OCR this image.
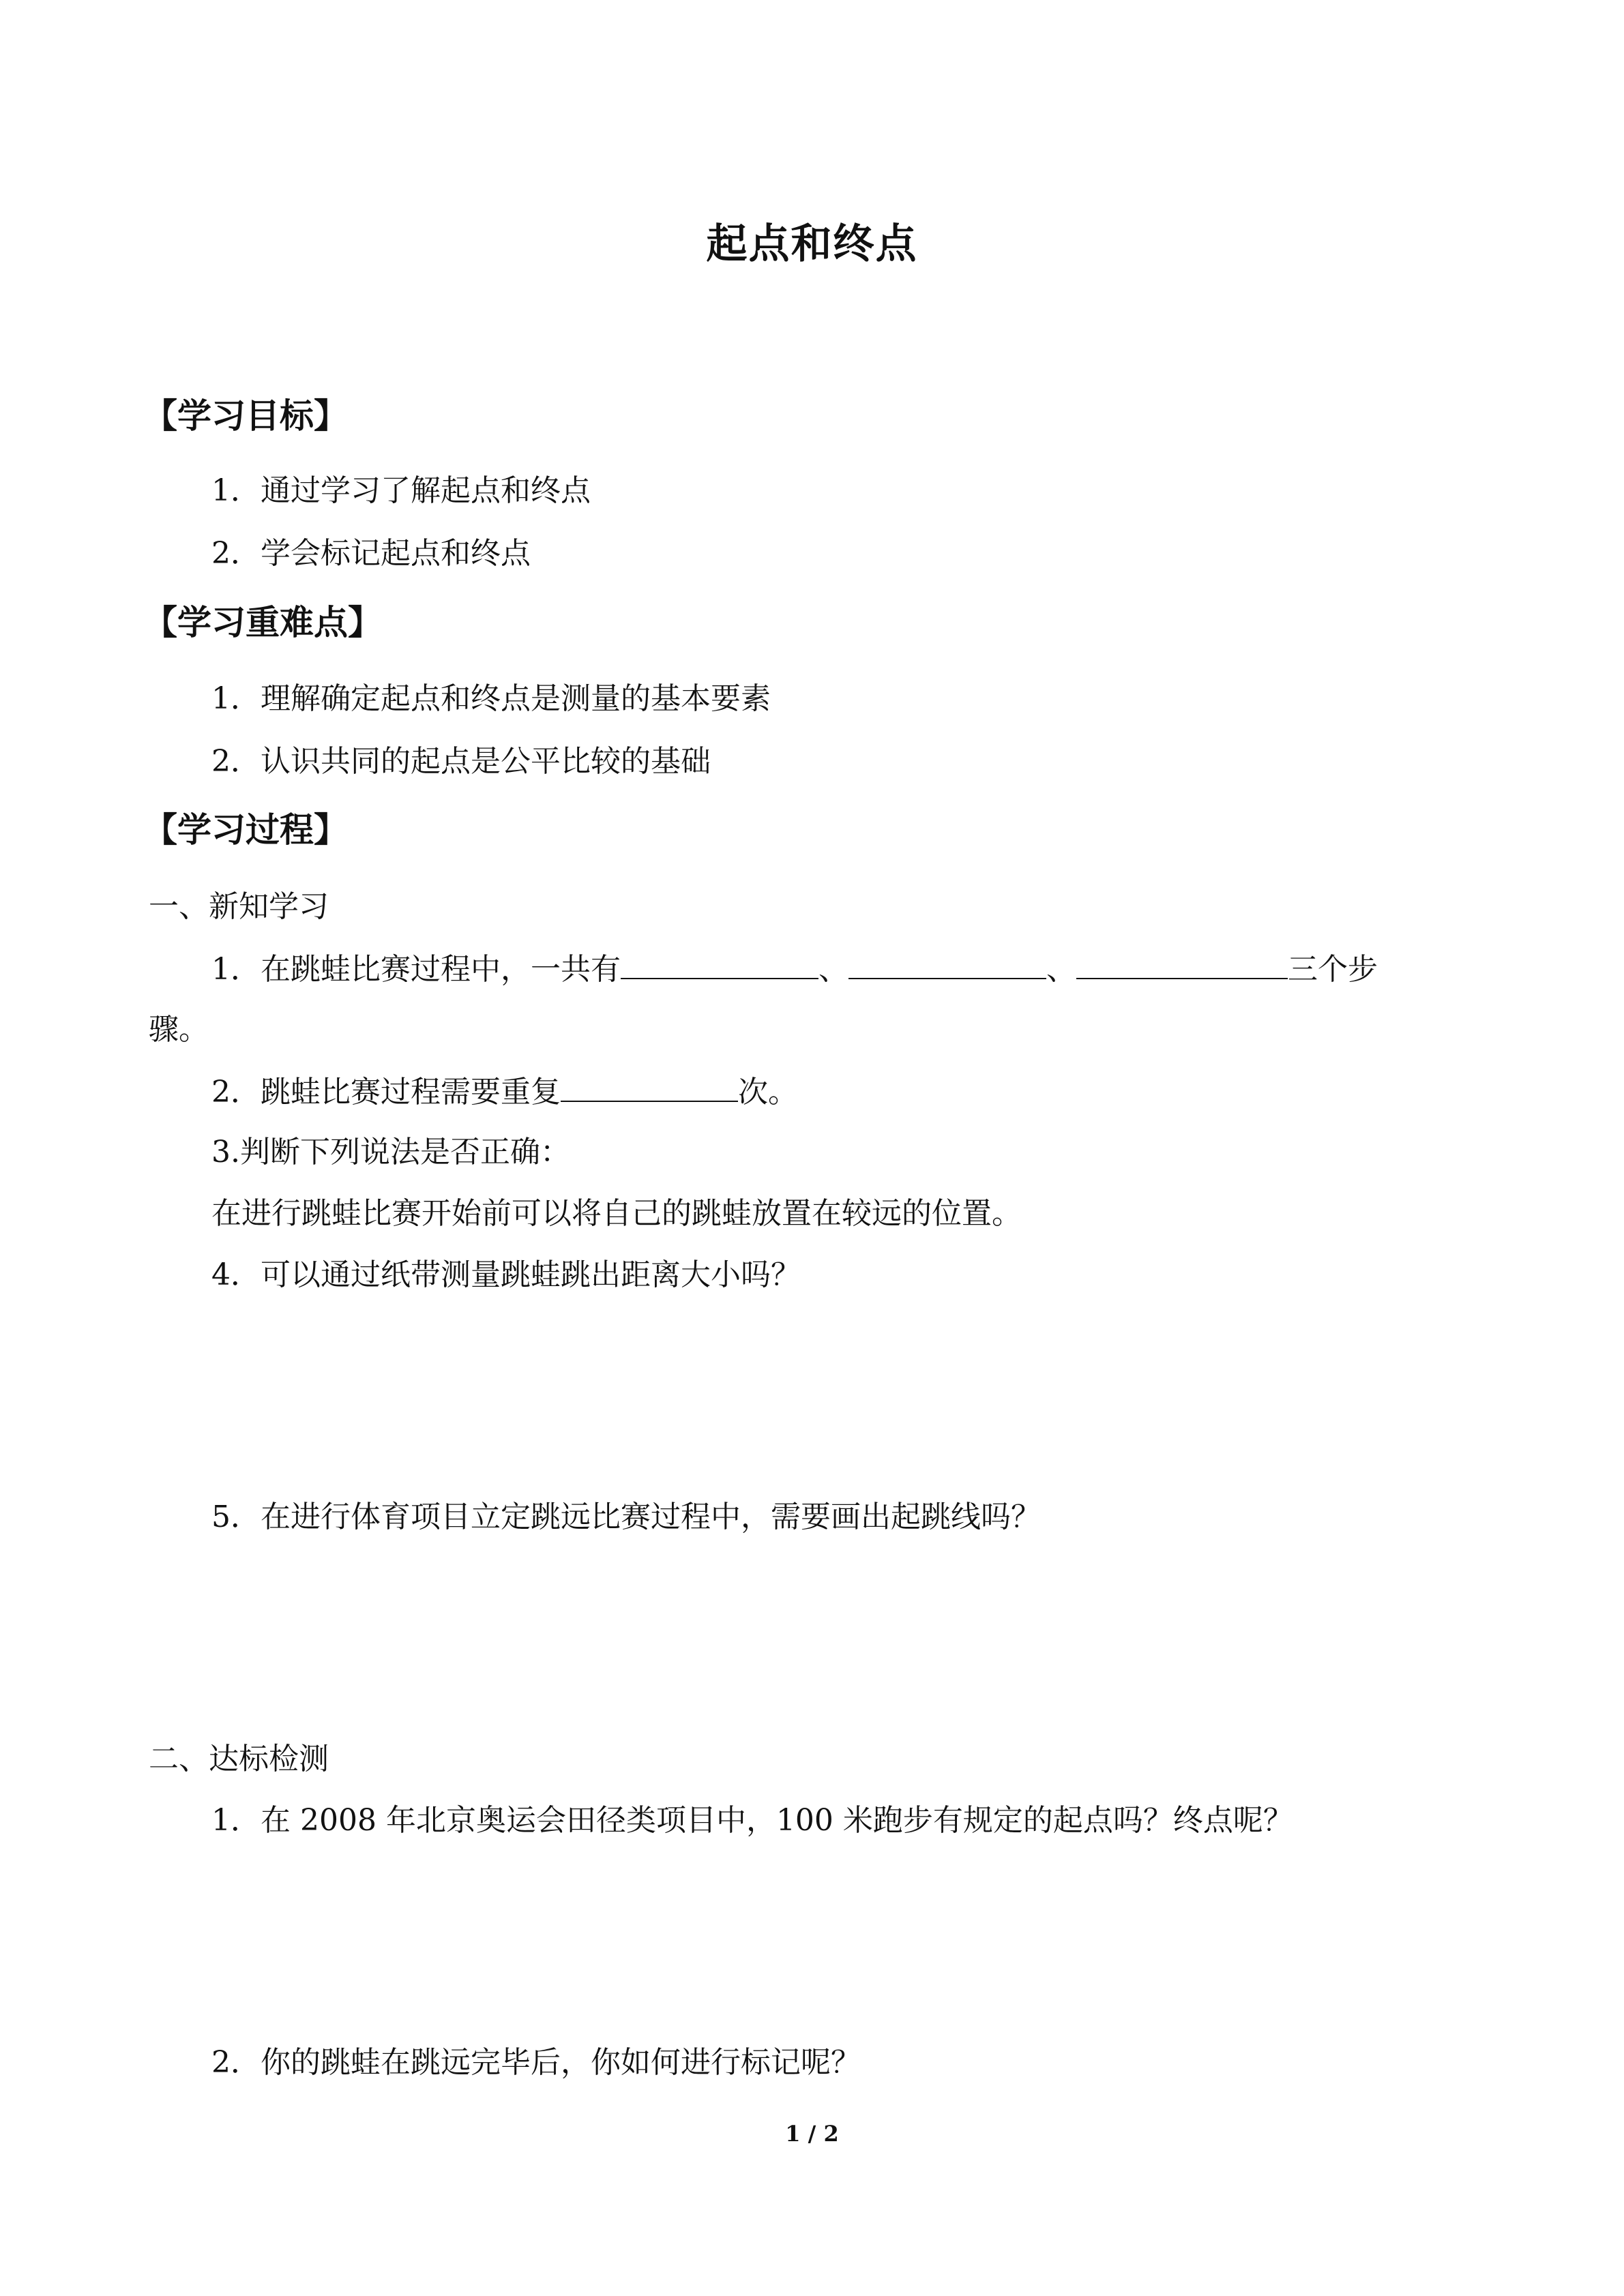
起点和终点
【学习目标】
1．通过学习了解起点和终点
2．学会标记起点和终点
【学习重难点】
1．理解确定起点和终点是测量的基本要素
2．认识共同的起点是公平比较的基础
【学习过程】
一、新知学习
1．在跳蛙比赛过程中，一共有	、	、	三个步
骤。
2．跳蛙比赛过程需要重复	次。
3.判断下列说法是否正确：
在进行跳蛙比赛开始前可以将自己的跳蛙放置在较远的位置。
4．可以通过纸带测量跳蛙跳出距离大小吗？
5．在进行体育项目立定跳远比赛过程中，需要画出起跳线吗？
二、达标检测
1．在 2008 年北京奥运会田径类项目中，100 米跑步有规定的起点吗？终点呢？
2．你的跳蛙在跳远完毕后，你如何进行标记呢？
1 / 2
